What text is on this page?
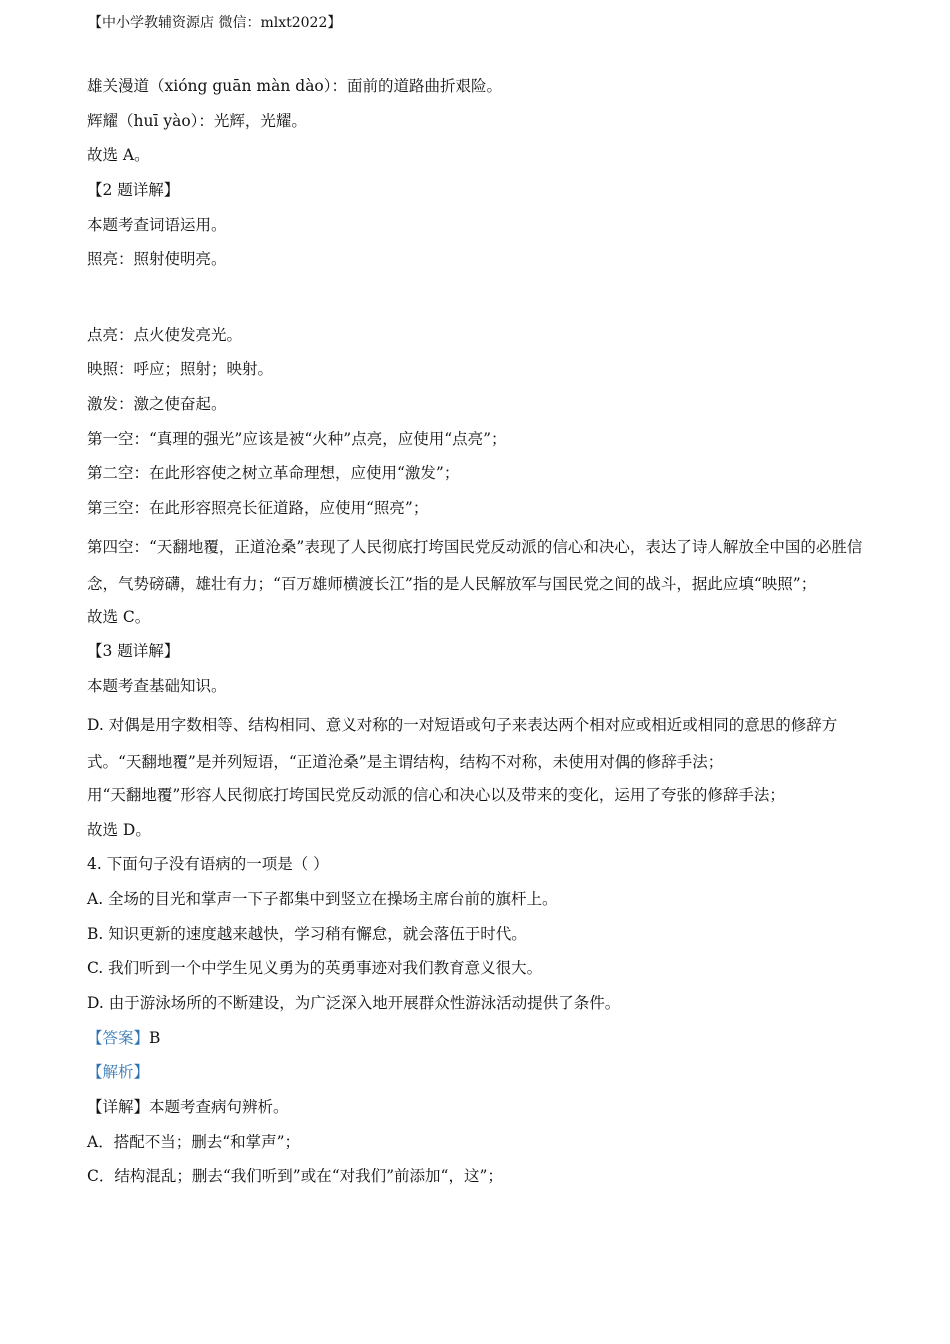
【中小学教辅资源店 微信：mlxt2022】
雄关漫道（xióng guān màn dào）：面前的道路曲折艰险。
辉耀（huī yào）：光辉，光耀。
故选 A。
【2 题详解】
本题考查词语运用。
照亮：照射使明亮。
点亮：点火使发亮光。
映照：呼应；照射；映射。
激发：激之使奋起。
第一空：“真理的强光”应该是被“火种”点亮，应使用“点亮”；
第二空：在此形容使之树立革命理想，应使用“激发”；
第三空：在此形容照亮长征道路，应使用“照亮”；
第四空：“天翻地覆，正道沧桑”表现了人民彻底打垮国民党反动派的信心和决心，表达了诗人解放全中国的必胜信念，气势磅礴，雄壮有力；“百万雄师横渡长江”指的是人民解放军与国民党之间的战斗，据此应填“映照”；
故选 C。
【3 题详解】
本题考查基础知识。
D. 对偶是用字数相等、结构相同、意义对称的一对短语或句子来表达两个相对应或相近或相同的意思的修辞方式。“天翻地覆”是并列短语，“正道沧桑”是主谓结构，结构不对称，未使用对偶的修辞手法；
用“天翻地覆”形容人民彻底打垮国民党反动派的信心和决心以及带来的变化，运用了夸张的修辞手法；
故选 D。
4. 下面句子没有语病的一项是（ ）
A. 全场的目光和掌声一下子都集中到竖立在操场主席台前的旗杆上。
B. 知识更新的速度越来越快，学习稍有懈怠，就会落伍于时代。
C. 我们听到一个中学生见义勇为的英勇事迹对我们教育意义很大。
D. 由于游泳场所的不断建设，为广泛深入地开展群众性游泳活动提供了条件。
【答案】B
【解析】
【详解】本题考查病句辨析。
A．搭配不当；删去“和掌声”；
C．结构混乱；删去“我们听到”或在“对我们”前添加“，这”；
